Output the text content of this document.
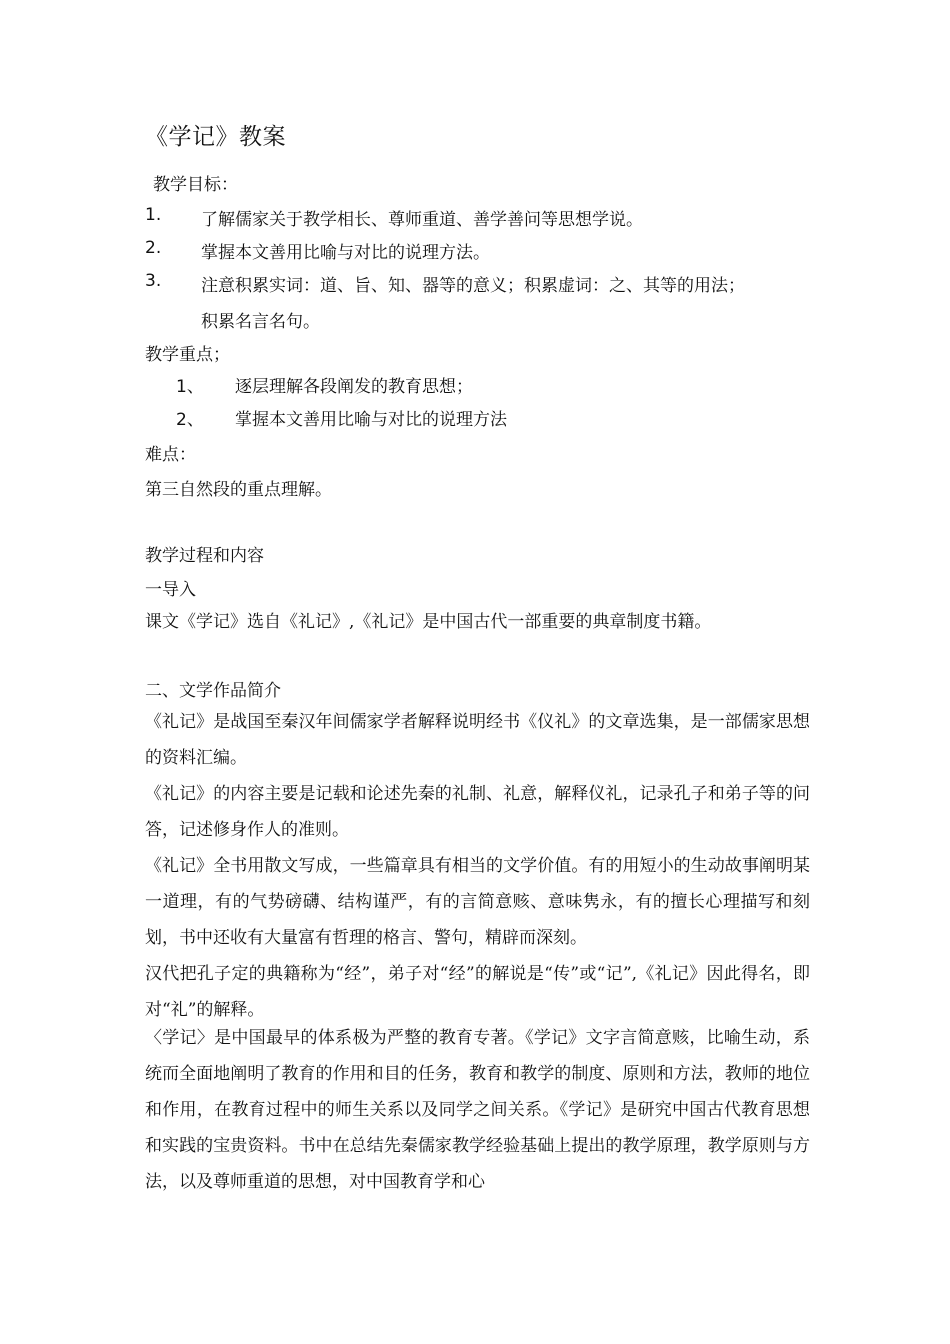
《学记》教案
教学目标：
1. 了解儒家关于教学相长、尊师重道、善学善问等思想学说。
2. 掌握本文善用比喻与对比的说理方法。
3. 注意积累实词：道、旨、知、器等的意义；积累虚词：之、其等的用法；
积累名言名句。
教学重点；
1、 逐层理解各段阐发的教育思想；
2、 掌握本文善用比喻与对比的说理方法
难点：
第三自然段的重点理解。
教学过程和内容
一导入
课文《学记》选自《礼记》,《礼记》是中国古代一部重要的典章制度书籍。
二、文学作品简介
《礼记》是战国至秦汉年间儒家学者解释说明经书《仪礼》的文章选集，是一部儒家思想的资料汇编。
《礼记》的内容主要是记载和论述先秦的礼制、礼意，解释仪礼，记录孔子和弟子等的问答，记述修身作人的准则。
《礼记》全书用散文写成，一些篇章具有相当的文学价值。有的用短小的生动故事阐明某一道理，有的气势磅礴、结构谨严，有的言简意赅、意味隽永，有的擅长心理描写和刻划，书中还收有大量富有哲理的格言、警句，精辟而深刻。
汉代把孔子定的典籍称为“经”，弟子对“经”的解说是“传”或“记”,《礼记》因此得名，即对“礼”的解释。
〈学记〉是中国最早的体系极为严整的教育专著。《学记》文字言简意赅，比喻生动，系统而全面地阐明了教育的作用和目的任务，教育和教学的制度、原则和方法，教师的地位和作用，在教育过程中的师生关系以及同学之间关系。《学记》是研究中国古代教育思想和实践的宝贵资料。书中在总结先秦儒家教学经验基础上提出的教学原理，教学原则与方法，以及尊师重道的思想，对中国教育学和心
